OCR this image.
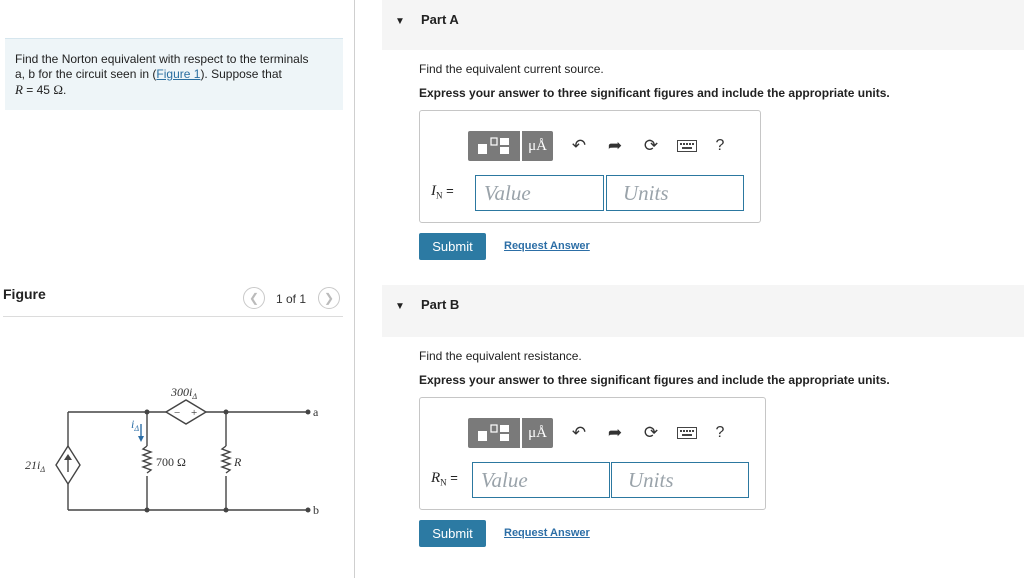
Find the Norton equivalent with respect to the terminals
a, b for the circuit seen in (Figure 1). Suppose that
R = 45 Ω.
Figure	❮ 1 of 1 ❯
$300i_\Delta$
− +
$i_\Delta$
$21i_\Delta$
700 Ω	R
a
b
▼ Part A
Find the equivalent current source.
Express your answer to three significant figures and include the appropriate units.
μÅ	↶	➦	⟳	?
$I_N$ =	Value	Units
Submit	Request Answer
▼ Part B
Find the equivalent resistance.
Express your answer to three significant figures and include the appropriate units.
μÅ	↶	➦	⟳	?
$R_N$ =	Value	Units
Submit	Request Answer
